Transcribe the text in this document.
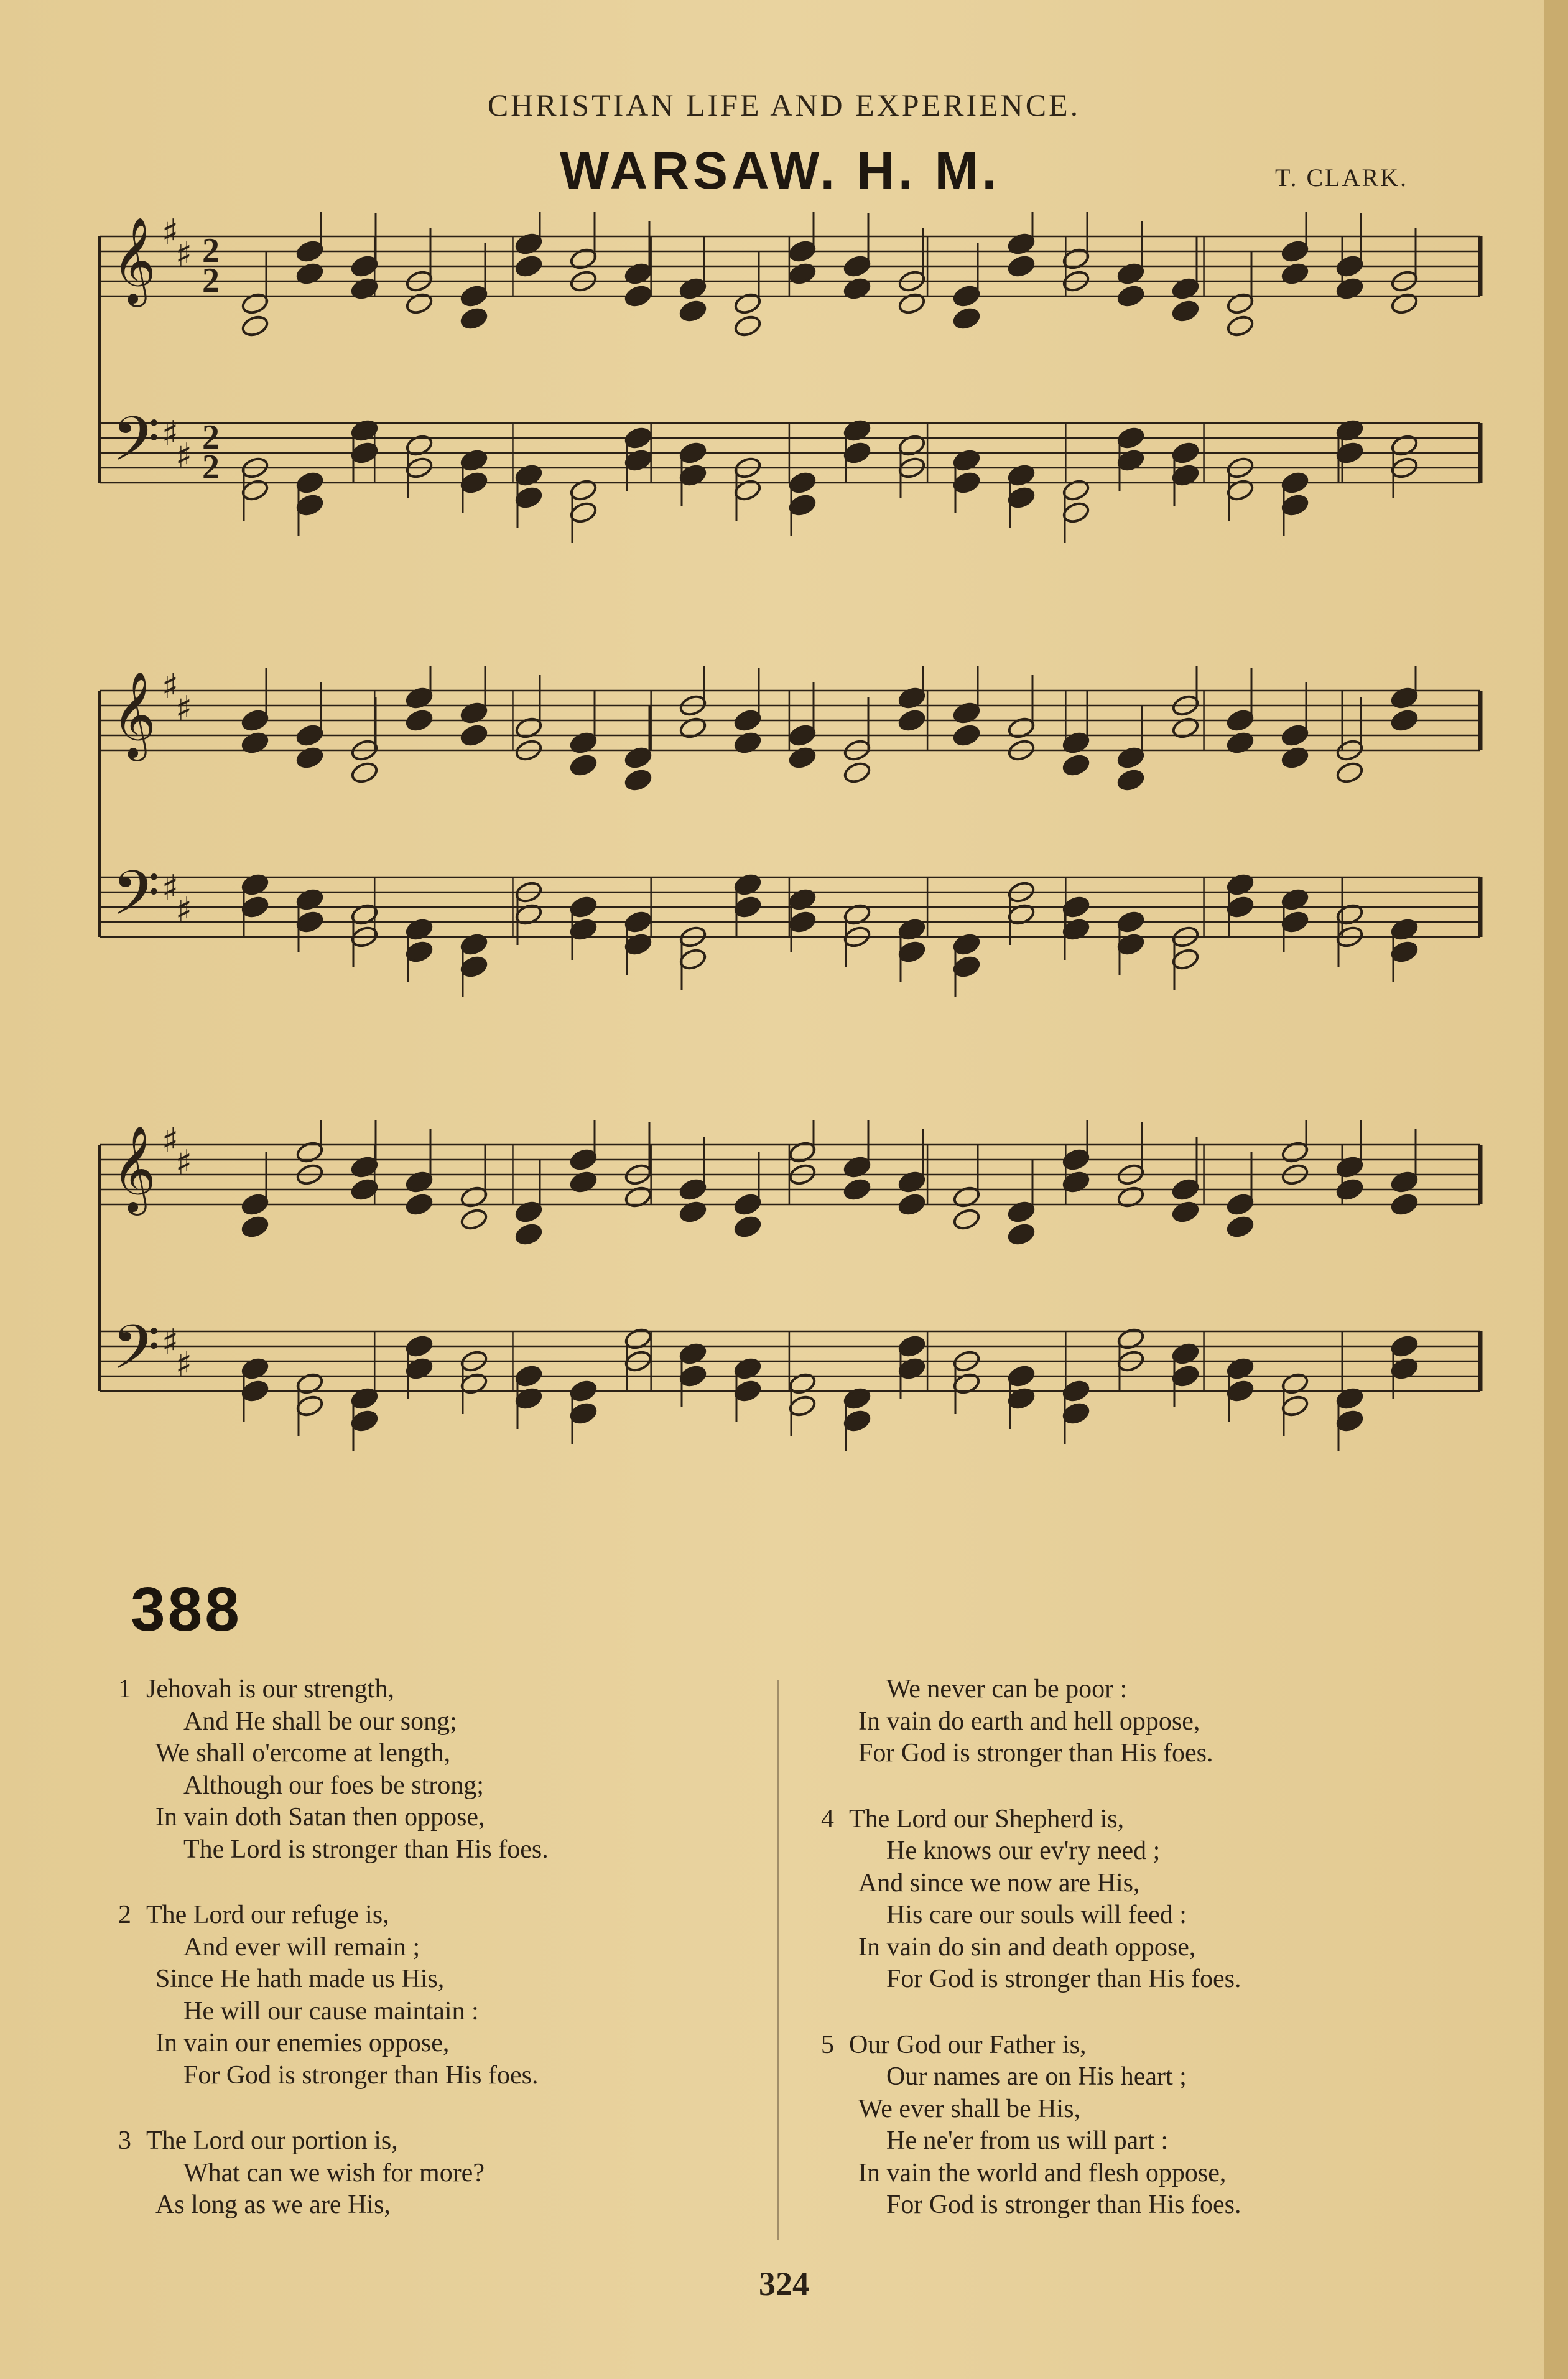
CHRISTIAN LIFE AND EXPERIENCE.
WARSAW. H. M.	T. CLARK.
𝄞 ♯
♯ 2
2
𝄢 ♯
♯ 2
2
𝄞 ♯
♯
𝄢 ♯
♯
𝄞 ♯
♯
𝄢 ♯
♯
388
1 Jehovah is our strength,
And He shall be our song;
We shall o'ercome at length,
Although our foes be strong;
In vain doth Satan then oppose,
The Lord is stronger than His foes.
2 The Lord our refuge is,
And ever will remain ;
Since He hath made us His,
He will our cause maintain :
In vain our enemies oppose,
For God is stronger than His foes.
3 The Lord our portion is,
What can we wish for more?
As long as we are His,
We never can be poor :
In vain do earth and hell oppose,
For God is stronger than His foes.
4 The Lord our Shepherd is,
He knows our ev'ry need ;
And since we now are His,
His care our souls will feed :
In vain do sin and death oppose,
For God is stronger than His foes.
5 Our God our Father is,
Our names are on His heart ;
We ever shall be His,
He ne'er from us will part :
In vain the world and flesh oppose,
For God is stronger than His foes.
324
